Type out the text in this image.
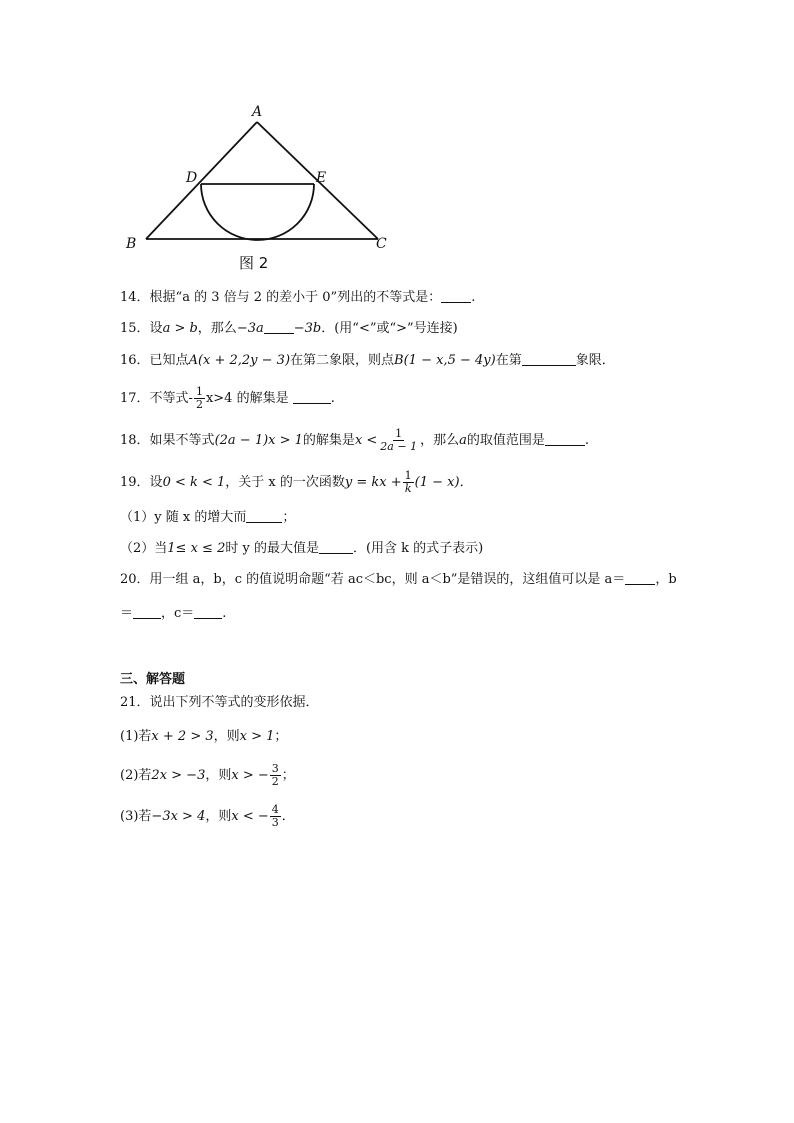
A
D	E
B	C
图 2
14．根据“a 的 3 倍与 2 的差小于 0”列出的不等式是： .
15．设a > b，那么−3a −3b．(用“<”或“>”号连接)
16．已知点A(x + 2,2y − 3)在第二象限，则点B(1 − x,5 − 4y)在第	象限．
17．不等式- $\frac{1}{2} x>4$ 的解集是	.
18．如果不等式(2a − 1)x > 1的解集是$x < \frac{1}{2a - 1}$ ，那么a的取值范围是	.
19．设0 < k < 1，关于 x 的一次函数y = kx + $\frac{1}{k} (1 - x)$．
（1）y 随 x 的增大而	；
（2）当1≤ x ≤ 2时 y 的最大值是	．(用含 k 的式子表示)
20．用一组 a，b，c 的值说明命题“若 ac＜bc，则 a＜b”是错误的，这组值可以是 a＝ ，b
＝ ，c＝ .
三、解答题
21．说出下列不等式的变形依据．
(1)若x + 2 > 3，则x > 1；
(2)若2x > −3，则x > − $\frac{3}{2}$ ；
(3)若−3x > 4，则x < − $\frac{4}{3}$ ．
